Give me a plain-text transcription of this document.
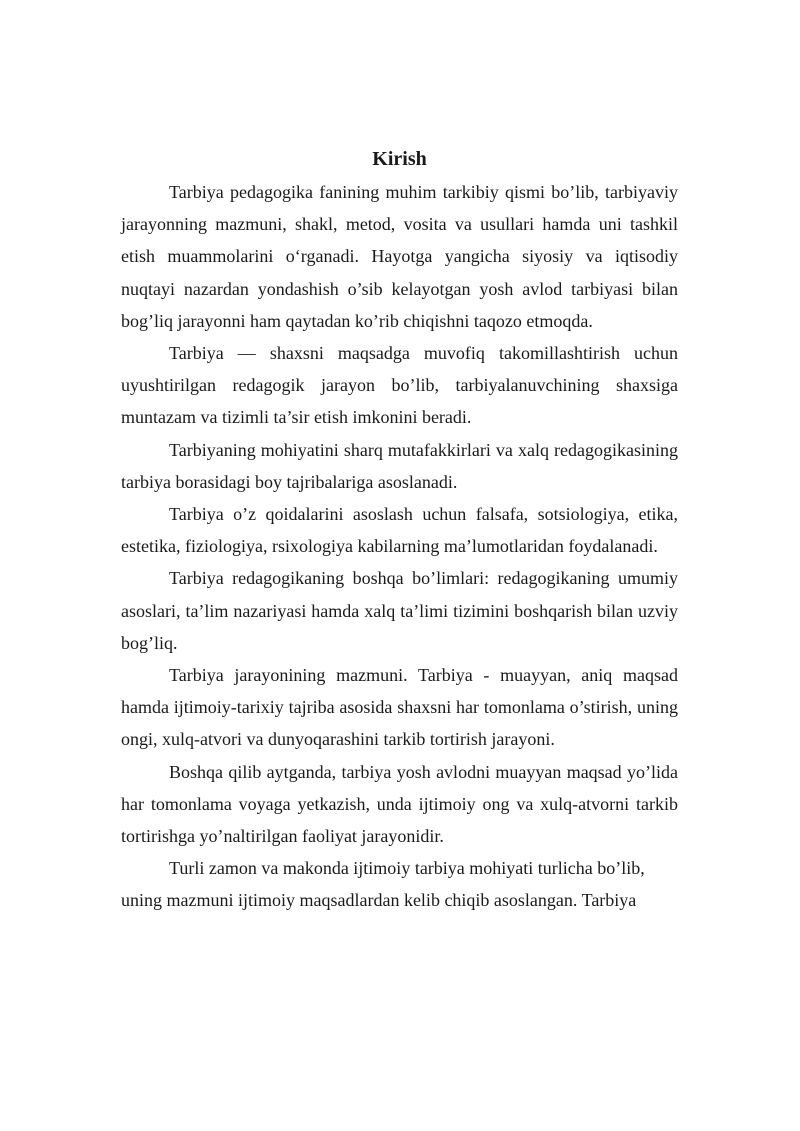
Kirish

Tarbiya pedagogika fanining muhim tarkibiy qismi bo’lib, tarbiyaviy jarayonning mazmuni, shakl, metod, vosita va usullari hamda uni tashkil etish muammolarini o‘rganadi. Hayotga yangicha siyosiy va iqtisodiy nuqtayi nazardan yondashish o’sib kelayotgan yosh avlod tarbiyasi bilan bog’liq jarayonni ham qaytadan ko’rib chiqishni taqozo etmoqda.

Tarbiya — shaxsni maqsadga muvofiq takomillashtirish uchun uyushtirilgan redagogik jarayon bo’lib, tarbiyalanuvchining shaxsiga muntazam va tizimli ta’sir etish imkonini beradi.

Tarbiyaning mohiyatini sharq mutafakkirlari va xalq redagogikasining tarbiya borasidagi boy tajribalariga asoslanadi.

Tarbiya o’z qoidalarini asoslash uchun falsafa, sotsiologiya, etika, estetika, fiziologiya, rsixologiya kabilarning ma’lumotlaridan foydalanadi.

Tarbiya redagogikaning boshqa bo’limlari: redagogikaning umumiy asoslari, ta’lim nazariyasi hamda xalq ta’limi tizimini boshqarish bilan uzviy bog’liq.

Tarbiya jarayonining mazmuni. Tarbiya - muayyan, aniq maqsad hamda ijtimoiy-tarixiy tajriba asosida shaxsni har tomonlama o’stirish, uning ongi, xulq-atvori va dunyoqarashini tarkib tortirish jarayoni.

Boshqa qilib aytganda, tarbiya yosh avlodni muayyan maqsad yo’lida har tomonlama voyaga yetkazish, unda ijtimoiy ong va xulq-atvorni tarkib tortirishga yo’naltirilgan faoliyat jarayonidir.

Turli zamon va makonda ijtimoiy tarbiya mohiyati turlicha bo’lib, uning mazmuni ijtimoiy maqsadlardan kelib chiqib asoslangan. Tarbiya
